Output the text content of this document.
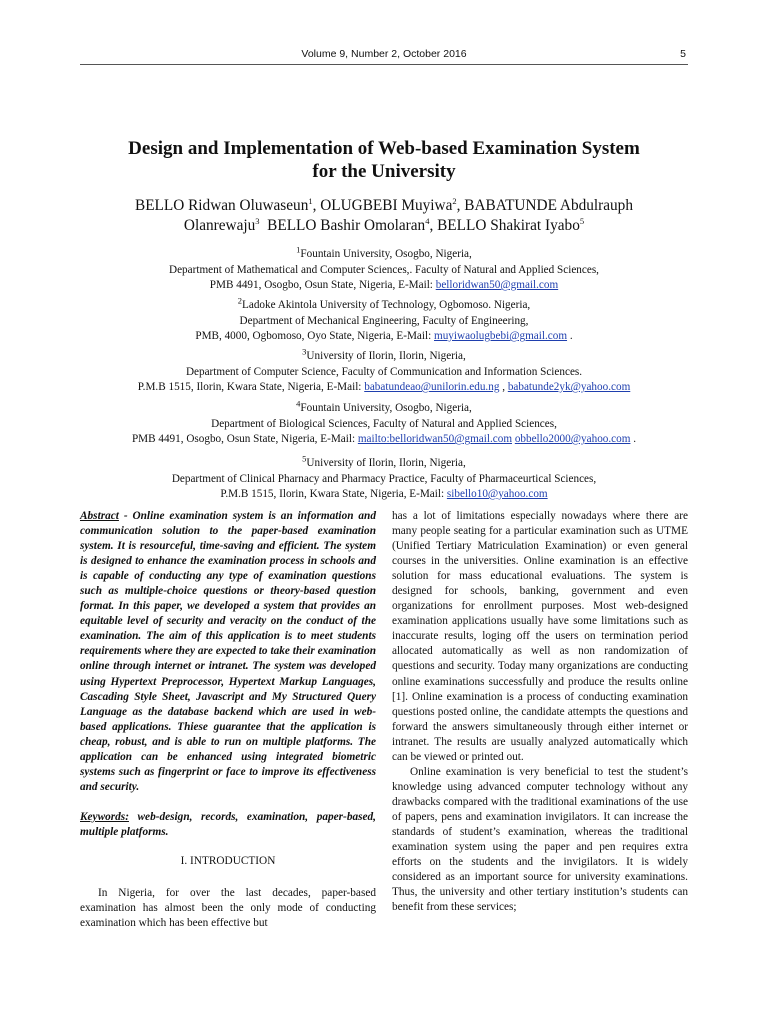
Volume 9, Number 2, October 2016	5
Design and Implementation of Web-based Examination System
for the University
BELLO Ridwan Oluwaseun$^1$, OLUGBEBI Muyiwa$^2$, BABATUNDE Abdulrauph
Olanrewaju$^3$  BELLO Bashir Omolaran$^4$, BELLO Shakirat Iyabo$^5$
$^1$Fountain University, Osogbo, Nigeria,
Department of Mathematical and Computer Sciences,. Faculty of Natural and Applied Sciences,
PMB 4491, Osogbo, Osun State, Nigeria, E-Mail: belloridwan50@gmail.com
$^2$Ladoke Akintola University of Technology, Ogbomoso. Nigeria,
Department of Mechanical Engineering, Faculty of Engineering,
PMB, 4000, Ogbomoso, Oyo State, Nigeria, E-Mail: muyiwaolugbebi@gmail.com .
$^3$University of Ilorin, Ilorin, Nigeria,
Department of Computer Science, Faculty of Communication and Information Sciences.
P.M.B 1515, Ilorin, Kwara State, Nigeria, E-Mail: babatundeao@unilorin.edu.ng , babatunde2yk@yahoo.com
$^4$Fountain University, Osogbo, Nigeria,
Department of Biological Sciences, Faculty of Natural and Applied Sciences,
PMB 4491, Osogbo, Osun State, Nigeria, E-Mail: mailto:belloridwan50@gmail.com obbello2000@yahoo.com .
$^5$University of Ilorin, Ilorin, Nigeria,
Department of Clinical Pharnacy and Pharmacy Practice, Faculty of Pharmaceurtical Sciences,
P.M.B 1515, Ilorin, Kwara State, Nigeria, E-Mail: sibello10@yahoo.com

Abstract - Online examination system is an information and communication solution to the paper-based examination system. It is resourceful, time-saving and efficient. The system is designed to enhance the examination process in schools and is capable of conducting any type of examination questions such as multiple-choice questions or theory-based question format. In this paper, we developed a system that provides an equitable level of security and veracity on the conduct of the examination. The aim of this application is to meet students requirements where they are expected to take their examination online through internet or intranet. The system was developed using Hypertext Preprocessor, Hypertext Markup Languages, Cascading Style Sheet, Javascript and My Structured Query Language as the database backend which are used in web-based applications. Thiese guarantee that the application is cheap, robust, and is able to run on multiple platforms. The application can be enhanced using integrated biometric systems such as fingerprint or face to improve its effectiveness and security.

Keywords: web-design, records, examination, paper-based, multiple platforms.

I. INTRODUCTION

In Nigeria, for over the last decades, paper-based examination has almost been the only mode of conducting examination which has been effective but

has a lot of limitations especially nowadays where there are many people seating for a particular examination such as UTME (Unified Tertiary Matriculation Examination) or even general courses in the universities. Online examination is an effective solution for mass educational evaluations. The system is designed for schools, banking, government and even organizations for enrollment purposes. Most web-designed examination applications usually have some limitations such as inaccurate results, loging off the users on termination period allocated automatically as well as non randomization of questions and security. Today many organizations are conducting online examinations successfully and produce the results online [1]. Online examination is a process of conducting examination questions posted online, the candidate attempts the questions and forward the answers simultaneously through either internet or intranet. The results are usually analyzed automatically which can be viewed or printed out.

Online examination is very beneficial to test the student’s knowledge using advanced computer technology without any drawbacks compared with the traditional examinations of the use of papers, pens and examination invigilators. It can increase the standards of student’s examination, whereas the traditional examination system using the paper and pen requires extra efforts on the students and the invigilators. It is widely considered as an important source for university examinations. Thus, the university and other tertiary institution’s students can benefit from these services;
